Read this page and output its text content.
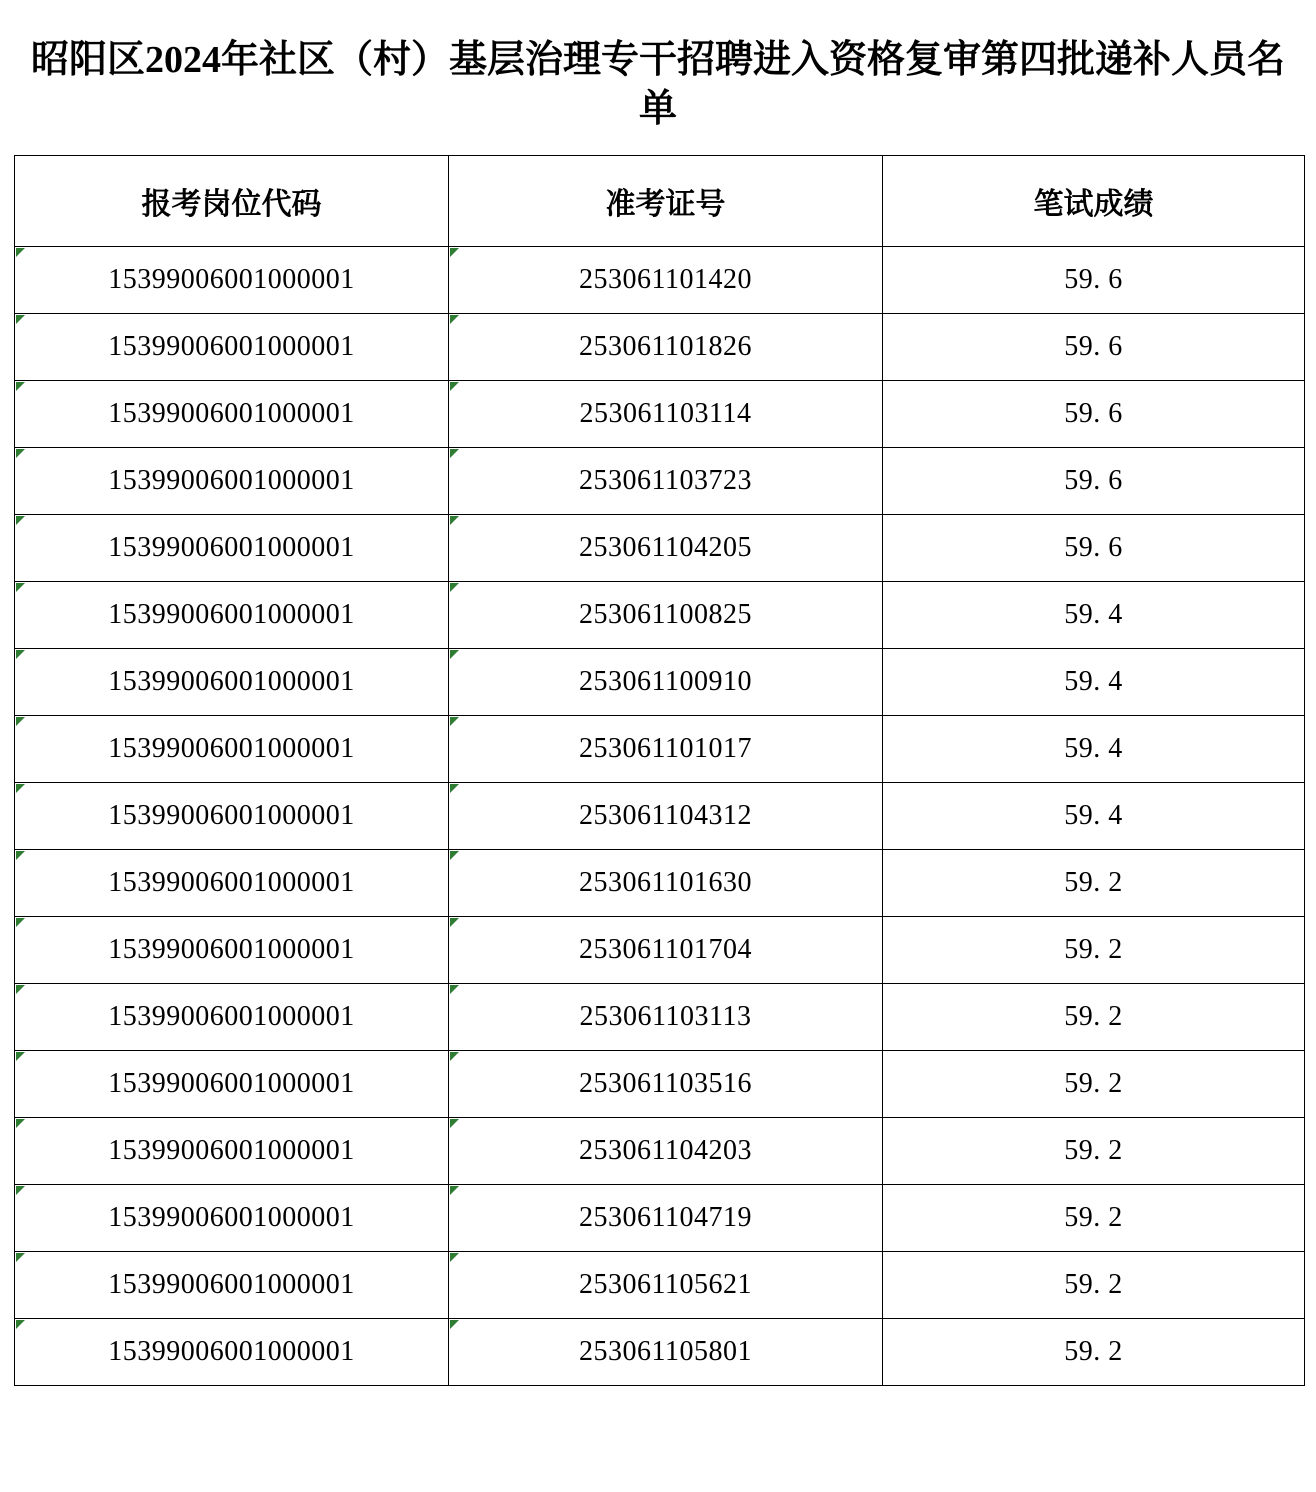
昭阳区2024年社区（村）基层治理专干招聘进入资格复审第四批递补人员名单
报考岗位代码	准考证号	笔试成绩
15399006001000001	253061101420	59. 6
15399006001000001	253061101826	59. 6
15399006001000001	253061103114	59. 6
15399006001000001	253061103723	59. 6
15399006001000001	253061104205	59. 6
15399006001000001	253061100825	59. 4
15399006001000001	253061100910	59. 4
15399006001000001	253061101017	59. 4
15399006001000001	253061104312	59. 4
15399006001000001	253061101630	59. 2
15399006001000001	253061101704	59. 2
15399006001000001	253061103113	59. 2
15399006001000001	253061103516	59. 2
15399006001000001	253061104203	59. 2
15399006001000001	253061104719	59. 2
15399006001000001	253061105621	59. 2
15399006001000001	253061105801	59. 2
